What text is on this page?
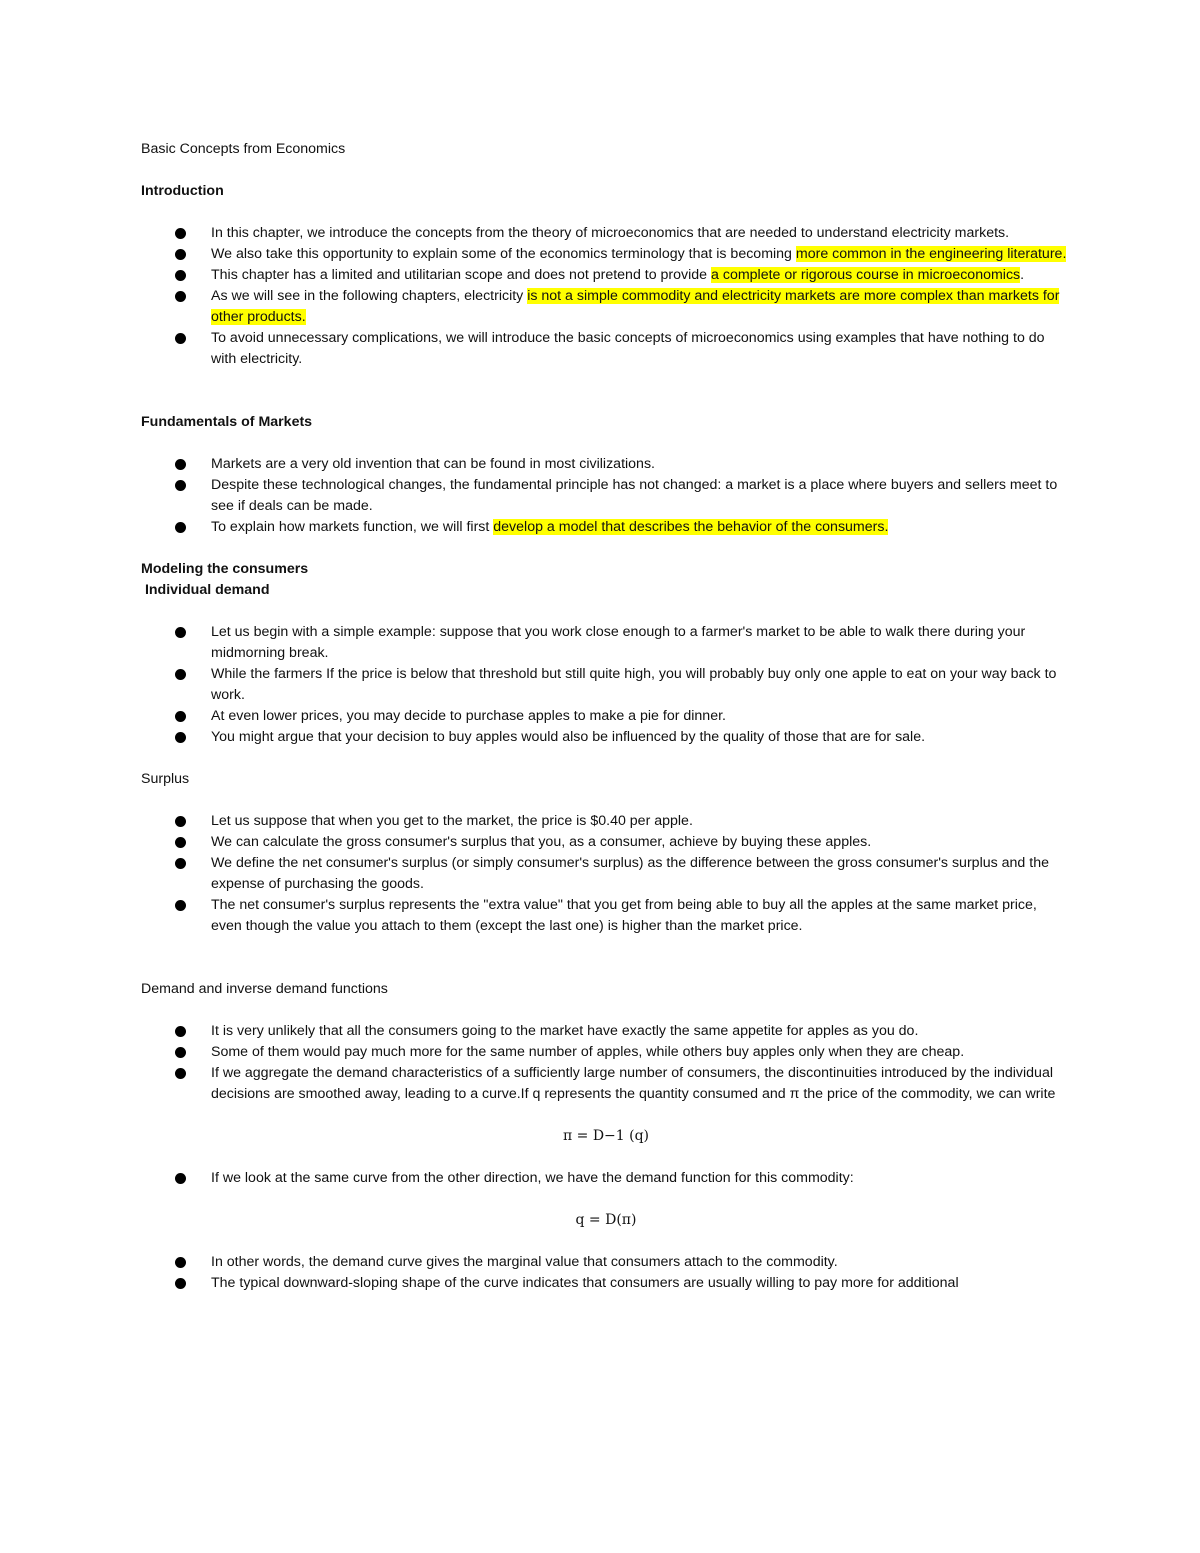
Basic Concepts from Economics

Introduction

In this chapter, we introduce the concepts from the theory of microeconomics that are needed to understand electricity markets.
We also take this opportunity to explain some of the economics terminology that is becoming more common in the engineering literature.
This chapter has a limited and utilitarian scope and does not pretend to provide a complete or rigorous course in microeconomics.
As we will see in the following chapters, electricity is not a simple commodity and electricity markets are more complex than markets for other products.
To avoid unnecessary complications, we will introduce the basic concepts of microeconomics using examples that have nothing to do with electricity.

Fundamentals of Markets

Markets are a very old invention that can be found in most civilizations.
Despite these technological changes, the fundamental principle has not changed: a market is a place where buyers and sellers meet to see if deals can be made.
To explain how markets function, we will first develop a model that describes the behavior of the consumers.

Modeling the consumers

Individual demand

Let us begin with a simple example: suppose that you work close enough to a farmer's market to be able to walk there during your midmorning break.
While the farmers If the price is below that threshold but still quite high, you will probably buy only one apple to eat on your way back to work.
At even lower prices, you may decide to purchase apples to make a pie for dinner.
You might argue that your decision to buy apples would also be influenced by the quality of those that are for sale.

Surplus

Let us suppose that when you get to the market, the price is $0.40 per apple.
We can calculate the gross consumer's surplus that you, as a consumer, achieve by buying these apples.
We define the net consumer's surplus (or simply consumer's surplus) as the difference between the gross consumer's surplus and the expense of purchasing the goods.
The net consumer's surplus represents the "extra value" that you get from being able to buy all the apples at the same market price, even though the value you attach to them (except the last one) is higher than the market price.

Demand and inverse demand functions

It is very unlikely that all the consumers going to the market have exactly the same appetite for apples as you do.
Some of them would pay much more for the same number of apples, while others buy apples only when they are cheap.
If we aggregate the demand characteristics of a sufficiently large number of consumers, the discontinuities introduced by the individual decisions are smoothed away, leading to a curve.If q represents the quantity consumed and π the price of the commodity, we can write

π = D−1 (q)

If we look at the same curve from the other direction, we have the demand function for this commodity:

q = D(π)

In other words, the demand curve gives the marginal value that consumers attach to the commodity.
The typical downward-sloping shape of the curve indicates that consumers are usually willing to pay more for additional
